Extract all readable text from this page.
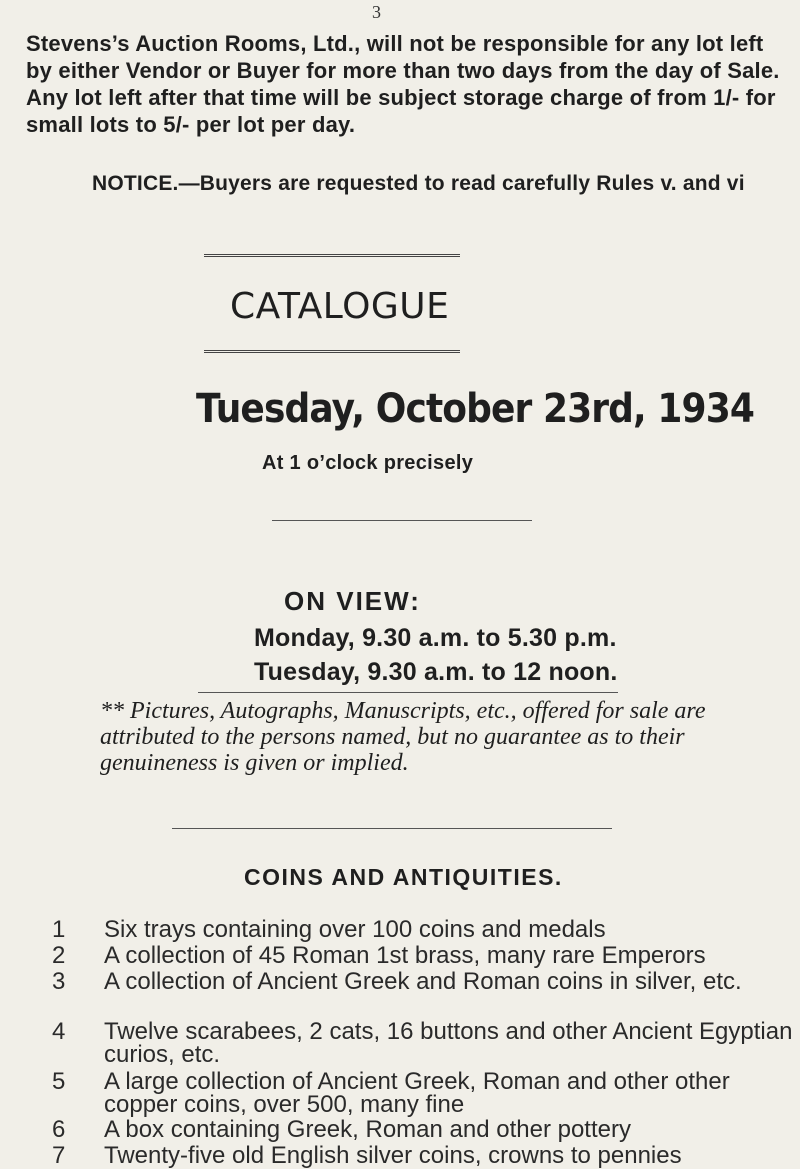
3
Stevens’s Auction Rooms, Ltd., will not be responsible for any lot left by either Vendor or Buyer for more than two days from the day of Sale. Any lot left after that time will be subject storage charge of from 1/- for small lots to 5/- per lot per day.
NOTICE.—Buyers are requested to read carefully Rules v. and vi
CATALOGUE
Tuesday, October 23rd, 1934
At 1 o’clock precisely
ON VIEW:
Monday, 9.30 a.m. to 5.30 p.m.
Tuesday, 9.30 a.m. to 12 noon.
** Pictures, Autographs, Manuscripts, etc., offered for sale are attributed to the persons named, but no guarantee as to their genuineness is given or implied.
COINS AND ANTIQUITIES.
1	Six trays containing over 100 coins and medals
2	A collection of 45 Roman 1st brass, many rare Emperors
3	A collection of Ancient Greek and Roman coins in silver, etc.
4	Twelve scarabees, 2 cats, 16 buttons and other Ancient Egyptian curios, etc.
5	A large collection of Ancient Greek, Roman and other other copper coins, over 500, many fine
6	A box containing Greek, Roman and other pottery
7	Twenty-five old English silver coins, crowns to pennies
